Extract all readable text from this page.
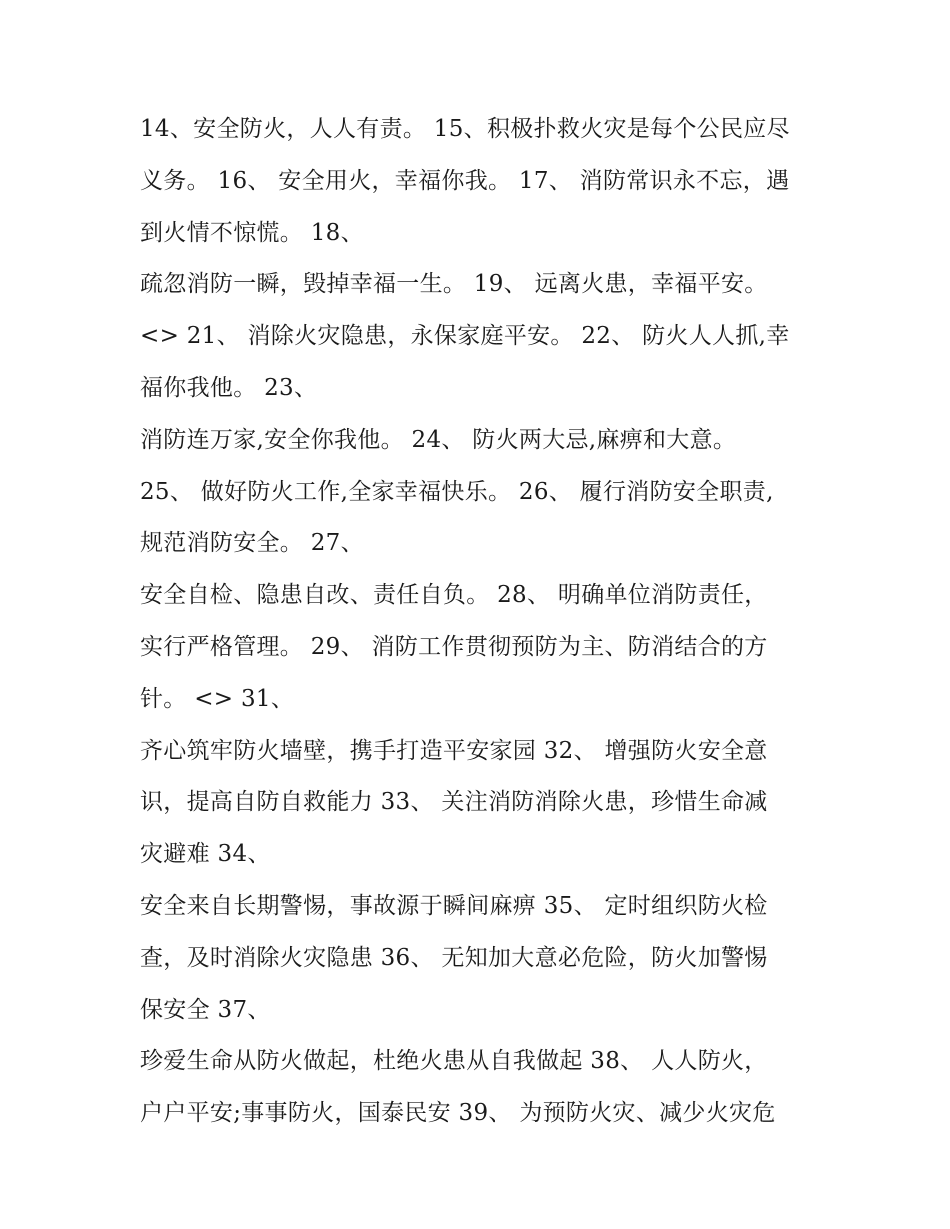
14、安全防火，人人有责。 15、积极扑救火灾是每个公民应尽
义务。 16、 安全用火，幸福你我。 17、 消防常识永不忘，遇
到火情不惊慌。 18、
疏忽消防一瞬，毁掉幸福一生。 19、 远离火患，幸福平安。
<> 21、 消除火灾隐患，永保家庭平安。 22、 防火人人抓,幸
福你我他。 23、
消防连万家,安全你我他。 24、 防火两大忌,麻痹和大意。
25、 做好防火工作,全家幸福快乐。 26、 履行消防安全职责,
规范消防安全。 27、
安全自检、隐患自改、责任自负。 28、 明确单位消防责任，
实行严格管理。 29、 消防工作贯彻预防为主、防消结合的方
针。 <> 31、
齐心筑牢防火墙壁，携手打造平安家园 32、 增强防火安全意
识，提高自防自救能力 33、 关注消防消除火患，珍惜生命减
灾避难 34、
安全来自长期警惕，事故源于瞬间麻痹 35、 定时组织防火检
查，及时消除火灾隐患 36、 无知加大意必危险，防火加警惕
保安全 37、
珍爱生命从防火做起，杜绝火患从自我做起 38、 人人防火，
户户平安;事事防火，国泰民安 39、 为预防火灾、减少火灾危
